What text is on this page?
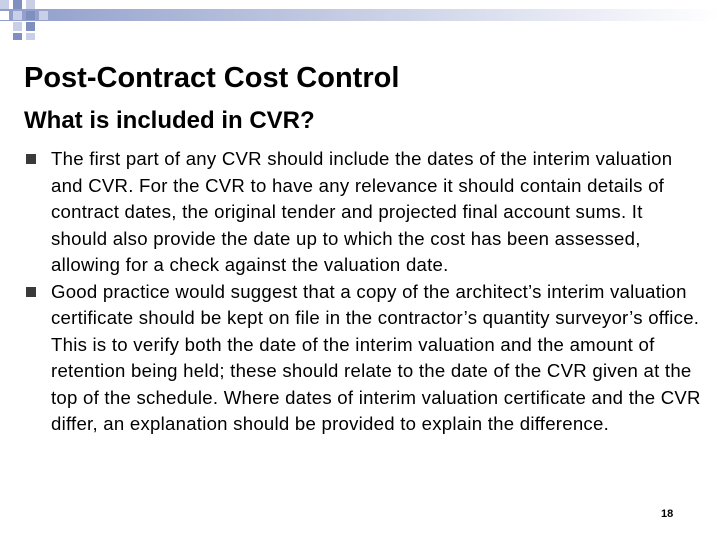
Post-Contract Cost Control
What is included in CVR?
The first part of any CVR should include the dates of the interim valuation and CVR. For the CVR to have any relevance it should contain details of contract dates, the original tender and projected final account sums. It should also provide the date up to which the cost has been assessed, allowing for a check against the valuation date.
Good practice would suggest that a copy of the architect’s interim valuation certificate should be kept on file in the contractor’s quantity surveyor’s office. This is to verify both the date of the interim valuation and the amount of retention being held; these should relate to the date of the CVR given at the top of the schedule. Where dates of interim valuation certificate and the CVR differ, an explanation should be provided to explain the difference.
18
